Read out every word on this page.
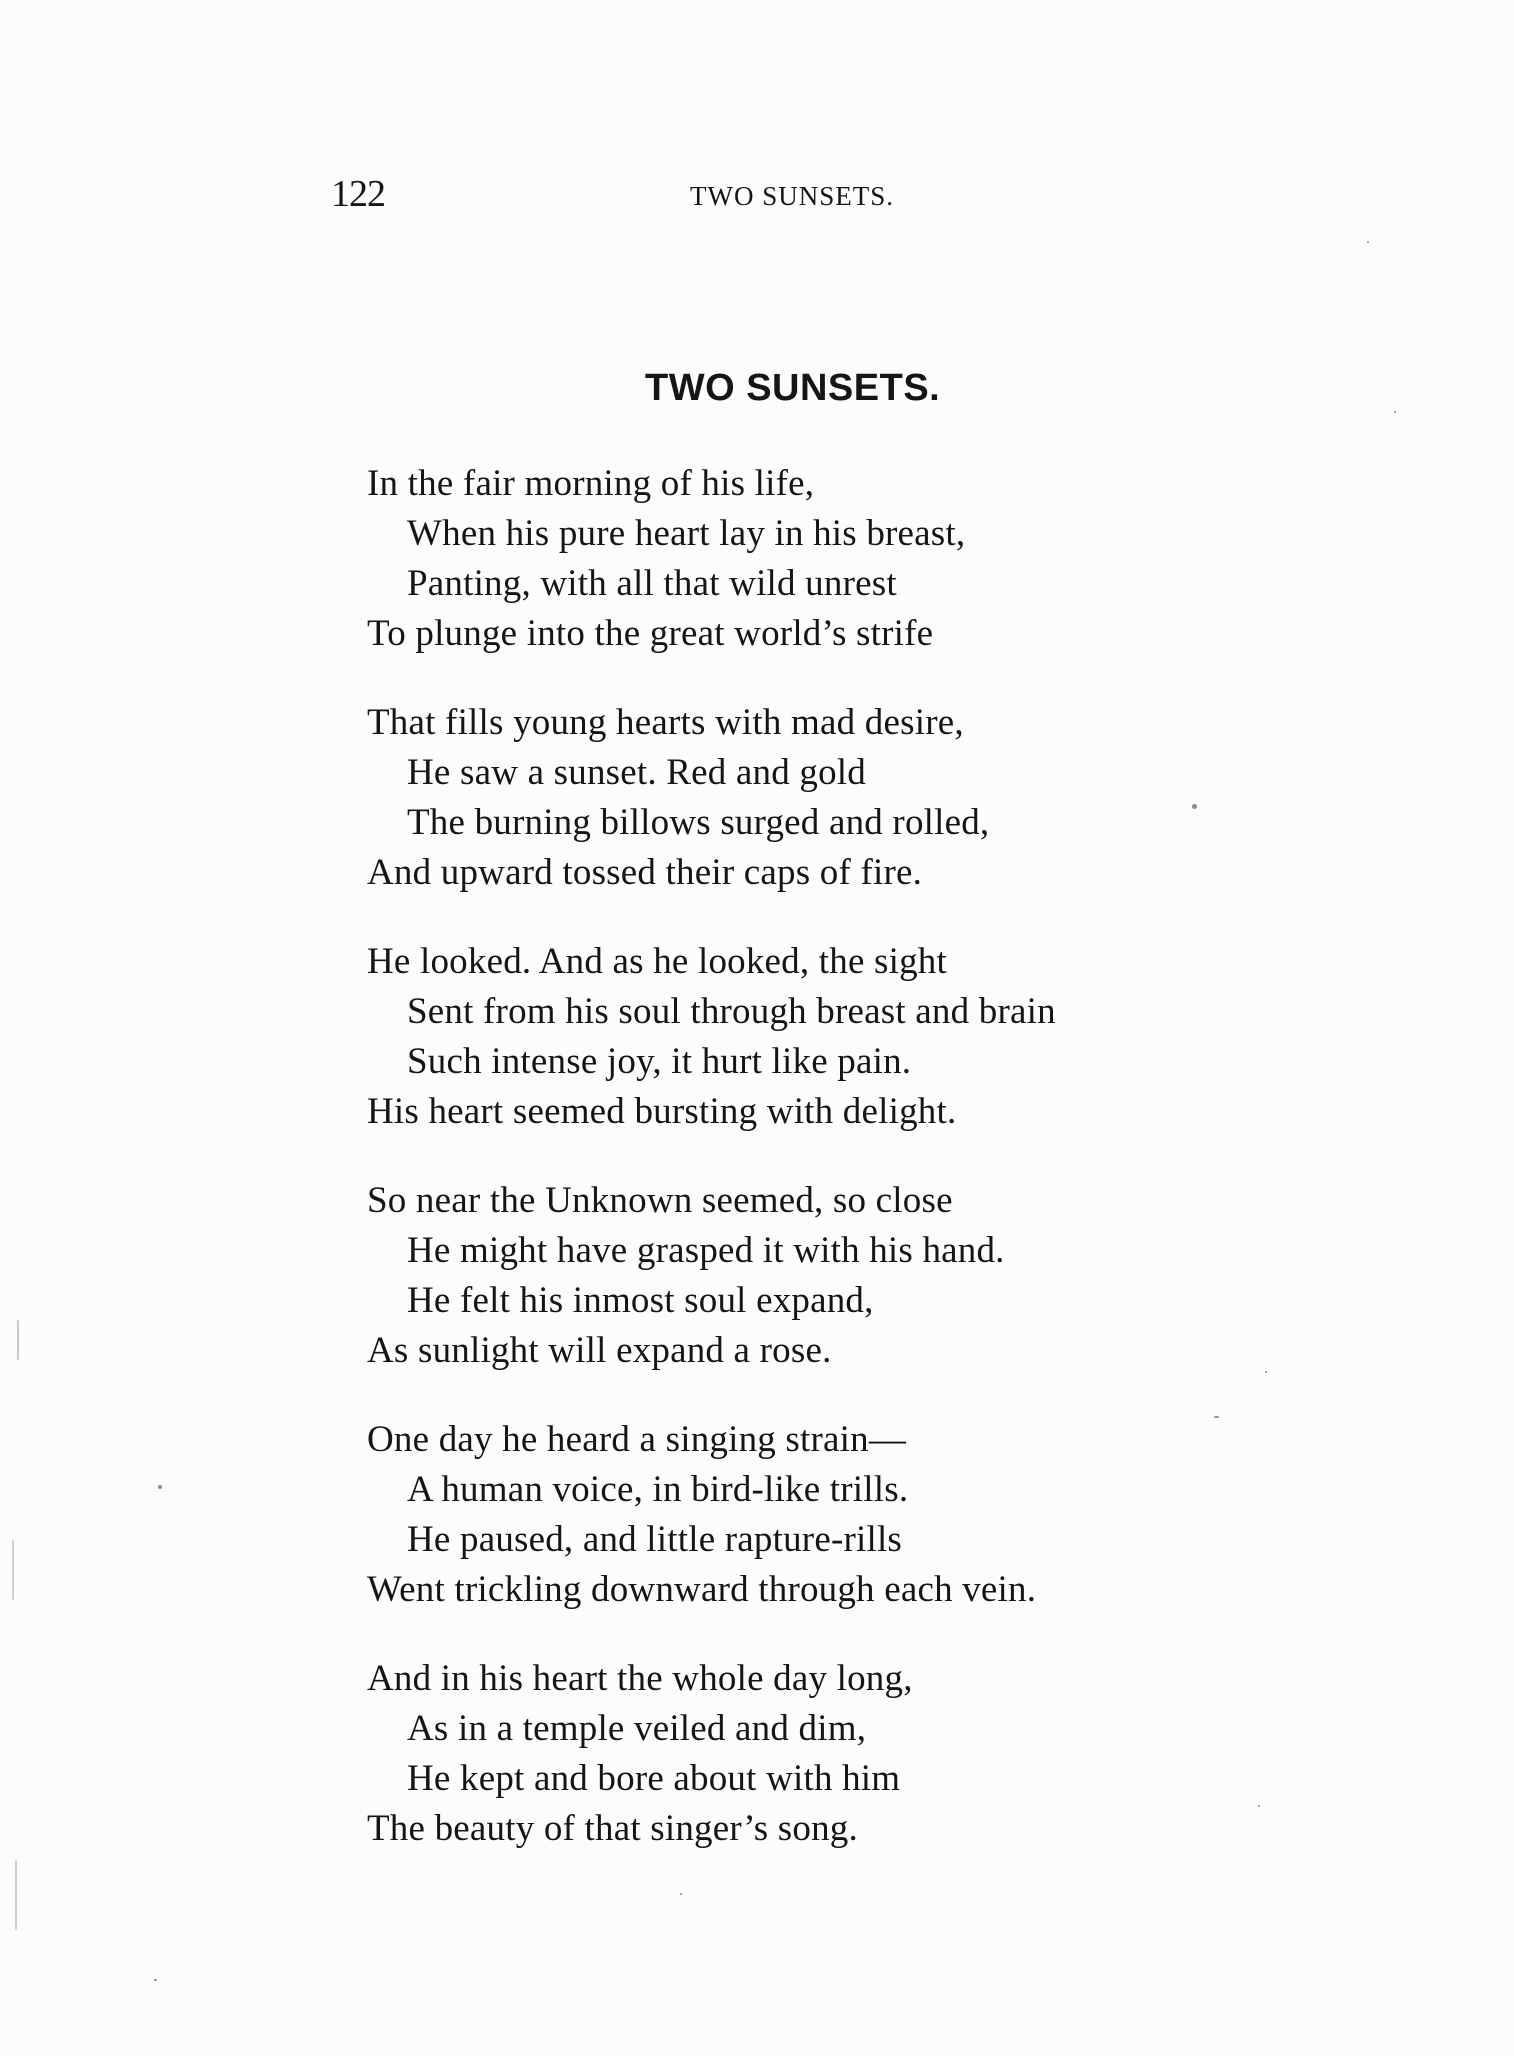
122	TWO SUNSETS.
TWO SUNSETS.
In the fair morning of his life,
When his pure heart lay in his breast,
Panting, with all that wild unrest
To plunge into the great world’s strife
That fills young hearts with mad desire,
He saw a sunset. Red and gold
The burning billows surged and rolled,
And upward tossed their caps of fire.
He looked. And as he looked, the sight
Sent from his soul through breast and brain
Such intense joy, it hurt like pain.
His heart seemed bursting with delight.
So near the Unknown seemed, so close
He might have grasped it with his hand.
He felt his inmost soul expand,
As sunlight will expand a rose.
One day he heard a singing strain—
A human voice, in bird-like trills.
He paused, and little rapture-rills
Went trickling downward through each vein.
And in his heart the whole day long,
As in a temple veiled and dim,
He kept and bore about with him
The beauty of that singer’s song.
